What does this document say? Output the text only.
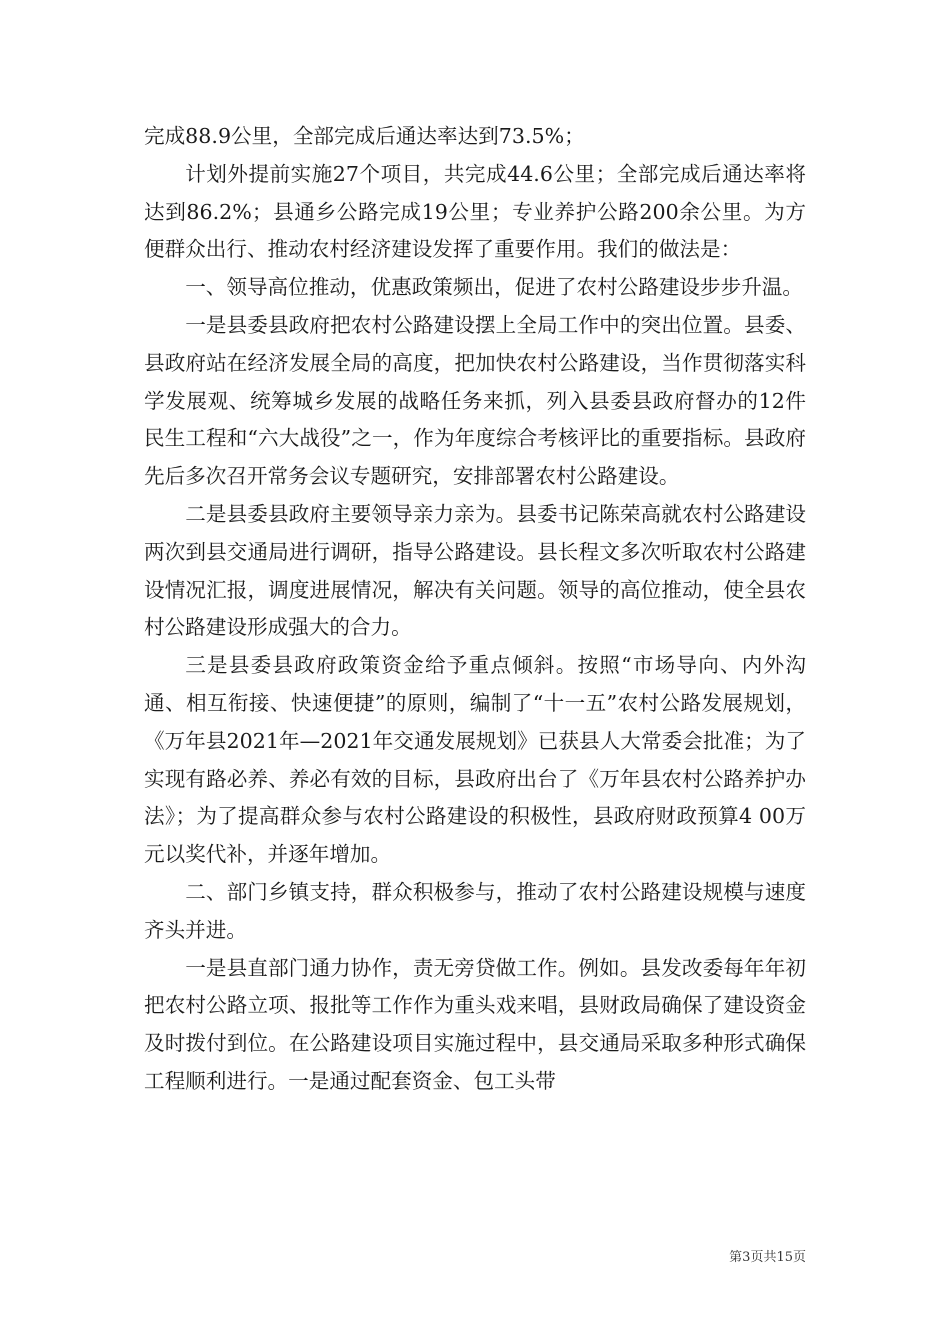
完成88.9公里，全部完成后通达率达到73.5%；

计划外提前实施27个项目，共完成44.6公里；全部完成后通达率将达到86.2%；县通乡公路完成19公里；专业养护公路200余公里。为方便群众出行、推动农村经济建设发挥了重要作用。我们的做法是：

一、领导高位推动，优惠政策频出，促进了农村公路建设步步升温。

一是县委县政府把农村公路建设摆上全局工作中的突出位置。县委、县政府站在经济发展全局的高度，把加快农村公路建设，当作贯彻落实科学发展观、统筹城乡发展的战略任务来抓，列入县委县政府督办的12件民生工程和“六大战役”之一，作为年度综合考核评比的重要指标。县政府先后多次召开常务会议专题研究，安排部署农村公路建设。

二是县委县政府主要领导亲力亲为。县委书记陈荣高就农村公路建设两次到县交通局进行调研，指导公路建设。县长程文多次听取农村公路建设情况汇报，调度进展情况，解决有关问题。领导的高位推动，使全县农村公路建设形成强大的合力。

三是县委县政府政策资金给予重点倾斜。按照“市场导向、内外沟通、相互衔接、快速便捷”的原则，编制了“十一五”农村公路发展规划，《万年县2021年—2021年交通发展规划》已获县人大常委会批准；为了实现有路必养、养必有效的目标，县政府出台了《万年县农村公路养护办法》；为了提高群众参与农村公路建设的积极性，县政府财政预算4 00万元以奖代补，并逐年增加。

二、部门乡镇支持，群众积极参与，推动了农村公路建设规模与速度齐头并进。

一是县直部门通力协作，责无旁贷做工作。例如。县发改委每年年初把农村公路立项、报批等工作作为重头戏来唱，县财政局确保了建设资金及时拨付到位。在公路建设项目实施过程中，县交通局采取多种形式确保工程顺利进行。一是通过配套资金、包工头带

第3页共15页
